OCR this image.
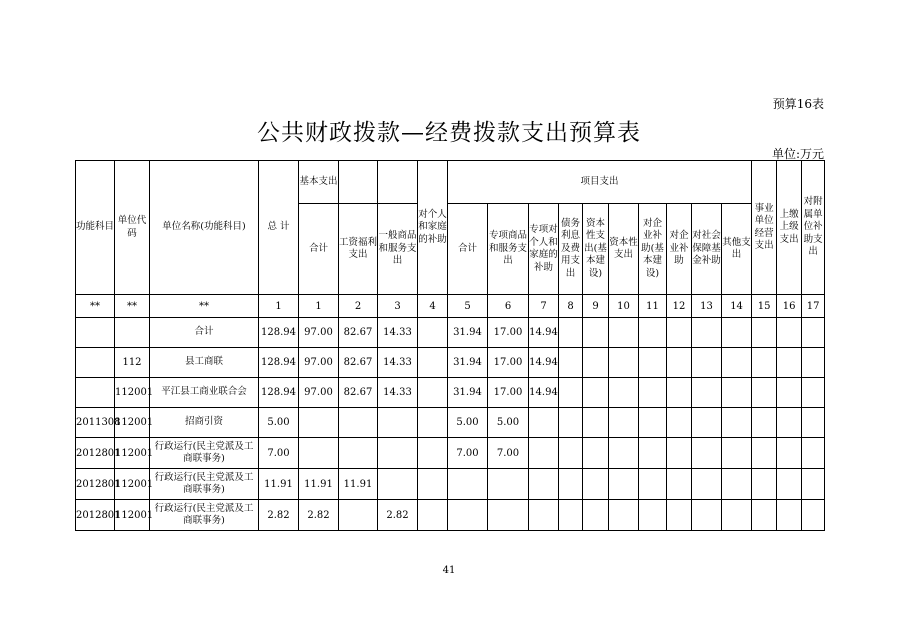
预算16表
公共财政拨款—经费拨款支出预算表
单位:万元
功能科目	单位代码	单位名称(功能科目)	总 计	基本支出			对个人和家庭的补助	项目支出										事业单位经营支出	上缴上级支出	对附属单位补助支出
				合计	工资福利支出	一般商品和服务支出		合计	专项商品和服务支出	专项对个人和家庭的补助	债务利息及费用支出	资本性支出(基本建设)	资本性支出	对企业补助(基本建设)	对企业补助	对社会保障基金补助	其他支出			
**	**	**	1	1	2	3	4	5	6	7	8	9	10	11	12	13	14	15	16	17
		合计	128.94	97.00	82.67	14.33		31.94	17.00	14.94										
	112	县工商联	128.94	97.00	82.67	14.33		31.94	17.00	14.94										
	112001	平江县工商业联合会	128.94	97.00	82.67	14.33		31.94	17.00	14.94										
2011308	112001	招商引资	5.00					5.00	5.00											
2012801	112001	行政运行(民主党派及工商联事务)	7.00					7.00	7.00											
2012801	112001	行政运行(民主党派及工商联事务)	11.91	11.91	11.91															
2012801	112001	行政运行(民主党派及工商联事务)	2.82	2.82		2.82														
41
